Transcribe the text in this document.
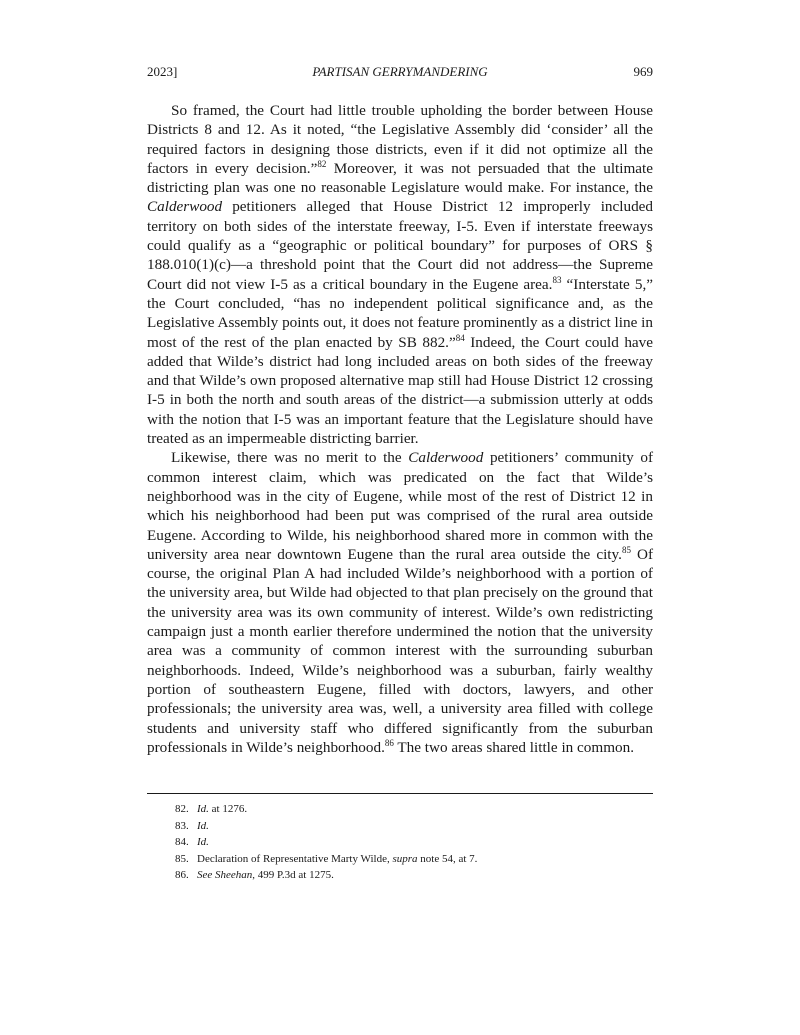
2023]	PARTISAN GERRYMANDERING	969

So framed, the Court had little trouble upholding the border between House Districts 8 and 12. As it noted, “the Legislative Assembly did ‘consider’ all the required factors in designing those districts, even if it did not optimize all the factors in every decision.”$^{82}$ Moreover, it was not persuaded that the ultimate districting plan was one no reasonable Legislature would make. For instance, the Calderwood petitioners alleged that House District 12 improperly included territory on both sides of the interstate freeway, I-5. Even if interstate freeways could qualify as a “geographic or political boundary” for purposes of ORS § 188.010(1)(c)—a threshold point that the Court did not address—the Supreme Court did not view I-5 as a critical boundary in the Eugene area.$^{83}$ “Interstate 5,” the Court concluded, “has no independent political significance and, as the Legislative Assembly points out, it does not feature prominently as a district line in most of the rest of the plan enacted by SB 882.”$^{84}$ Indeed, the Court could have added that Wilde’s district had long included areas on both sides of the freeway and that Wilde’s own proposed alternative map still had House District 12 crossing I-5 in both the north and south areas of the district—a submission utterly at odds with the notion that I-5 was an important feature that the Legislature should have treated as an impermeable districting barrier.

Likewise, there was no merit to the Calderwood petitioners’ community of common interest claim, which was predicated on the fact that Wilde’s neighborhood was in the city of Eugene, while most of the rest of District 12 in which his neighborhood had been put was comprised of the rural area outside Eugene. According to Wilde, his neighborhood shared more in common with the university area near downtown Eugene than the rural area outside the city.$^{85}$ Of course, the original Plan A had included Wilde’s neighborhood with a portion of the university area, but Wilde had objected to that plan precisely on the ground that the university area was its own community of interest. Wilde’s own redistricting campaign just a month earlier therefore undermined the notion that the university area was a community of common interest with the surrounding suburban neighborhoods. Indeed, Wilde’s neighborhood was a suburban, fairly wealthy portion of southeastern Eugene, filled with doctors, lawyers, and other professionals; the university area was, well, a university area filled with college students and university staff who differed significantly from the suburban professionals in Wilde’s neighborhood.$^{86}$ The two areas shared little in common.

82. Id. at 1276.
83. Id.
84. Id.
85. Declaration of Representative Marty Wilde, supra note 54, at 7.
86. See Sheehan, 499 P.3d at 1275.
